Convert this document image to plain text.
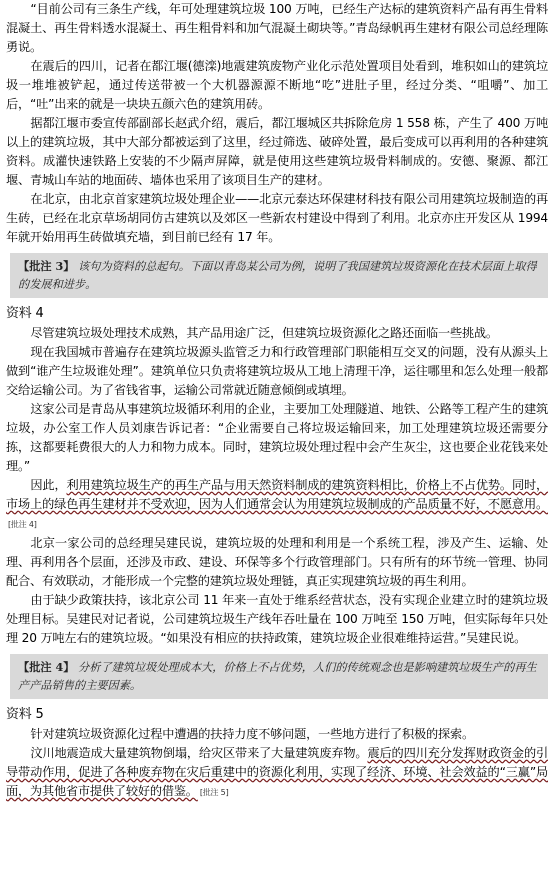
“目前公司有三条生产线，年可处理建筑垃圾 100 万吨，已经生产达标的建筑资料产品有再生骨料混凝土、再生骨料透水混凝土、再生粗骨料和加气混凝土砌块等。”青岛绿帆再生建材有限公司总经理陈勇说。

在震后的四川，记者在都江堰(德滦)地震建筑废物产业化示范处置项目处看到，堆积如山的建筑垃圾一堆堆被铲起，通过传送带被一个大机器源源不断地“吃”进肚子里，经过分类、“咀嚼”、加工后，“吐”出来的就是一块块五颜六色的建筑用砖。

据都江堰市委宣传部副部长赵武介绍，震后，都江堰城区共拆除危房 1 558 栋，产生了 400 万吨以上的建筑垃圾，其中大部分都被运到了这里，经过筛选、破碎处置，最后变成可以再利用的各种建筑资料。成灌快速铁路上安装的不少隔声屏障，就是使用这些建筑垃圾骨料制成的。安德、聚源、都江堰、青城山车站的地面砖、墙体也采用了该项目生产的建材。

在北京，由北京首家建筑垃圾处理企业——北京元泰达环保建材科技有限公司用建筑垃圾制造的再生砖，已经在北京草场胡同仿古建筑以及郊区一些新农村建设中得到了利用。北京亦庄开发区从 1994 年就开始用再生砖做填充墙，到目前已经有 17 年。

【批注 3】 该句为资料的总起句。下面以青岛某公司为例，说明了我国建筑垃圾资源化在技术层面上取得的发展和进步。

资料 4

尽管建筑垃圾处理技术成熟，其产品用途广泛，但建筑垃圾资源化之路还面临一些挑战。

现在我国城市普遍存在建筑垃圾源头监管乏力和行政管理部门职能相互交叉的问题，没有从源头上做到“谁产生垃圾谁处理”。建筑单位只负责将建筑垃圾从工地上清理干净，运往哪里和怎么处理一般都交给运输公司。为了省钱省事，运输公司常就近随意倾倒或填埋。

这家公司是青岛从事建筑垃圾循环利用的企业，主要加工处理隧道、地铁、公路等工程产生的建筑垃圾，办公室工作人员刘康告诉记者：“企业需要自己将垃圾运输回来，加工处理建筑垃圾还需要分拣，这都要耗费很大的人力和物力成本。同时，建筑垃圾处理过程中会产生灰尘，这也要企业花钱来处理。”

因此，利用建筑垃圾生产的再生产品与用天然资料制成的建筑资料相比，价格上不占优势。同时，市场上的绿色再生建材并不受欢迎，因为人们通常会认为用建筑垃圾制成的产品质量不好，不愿意用。[批注 4]

北京一家公司的总经理吴建民说，建筑垃圾的处理和利用是一个系统工程，涉及产生、运输、处理、再利用各个层面，还涉及市政、建设、环保等多个行政管理部门。只有所有的环节统一管理、协同配合、有效联动，才能形成一个完整的建筑垃圾处理链，真正实现建筑垃圾的再生利用。

由于缺少政策扶持，该北京公司 11 年来一直处于维系经营状态，没有实现企业建立时的建筑垃圾处理目标。吴建民对记者说，公司建筑垃圾生产线年吞吐量在 100 万吨至 150 万吨，但实际每年只处理 20 万吨左右的建筑垃圾。“如果没有相应的扶持政策，建筑垃圾企业很难维持运营。”吴建民说。

【批注 4】 分析了建筑垃圾处理成本大，价格上不占优势，人们的传统观念也是影响建筑垃圾生产的再生产产品销售的主要因素。

资料 5

针对建筑垃圾资源化过程中遭遇的扶持力度不够问题，一些地方进行了积极的探索。

汶川地震造成大量建筑物倒塌，给灾区带来了大量建筑废弃物。震后的四川充分发挥财政资金的引导带动作用，促进了各种废弃物在灾后重建中的资源化利用，实现了经济、环境、社会效益的“三赢”局面，为其他省市提供了较好的借鉴。 [批注 5]
